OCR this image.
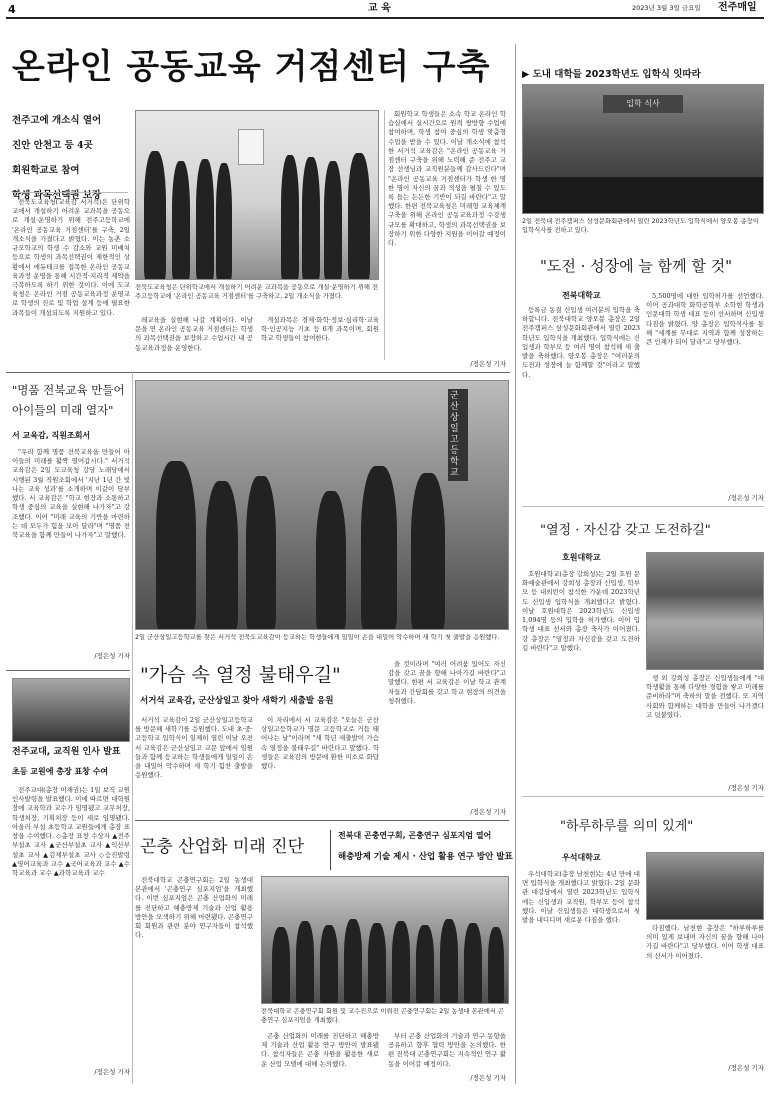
4	교 육	2023년 3월 3일 금요일 전주매일
온라인 공동교육 거점센터 구축
전주고에 개소식 열어
진안 안천고 등 4곳
회원학교로 참여
학생 과목선택권 보장

전북도교육청(교육감 서거석)은 단위학교에서 개설하기 어려운 교과목을 공동으로 개설·운영하기 위해 전주고등학교에 '온라인 공동교육 거점센터'를 구축, 2일 개소식을 가졌다고 밝혔다. 이는 농촌 소규모학교의 학생 수 감소와 교원 미배치 등으로 학생의 과목선택권이 제한적인 상황에서 에듀테크를 접목한 온라인 공동교육과정 운영을 통해 시간적·지리적 제약을 극복하도록 하기 위한 것이다. 이에 도교육청은 온라인 거점 공동교육과정 운영교로 학생의 진로 및 학업 설계 등에 필요한 과목들이 개설되도록 지원하고 있다.

전북도교육청은 단위학교에서 개설하기 어려운 교과목을 공동으로 개설·운영하기 위해 전주고등학교에 '온라인 공동교육 거점센터'를 구축하고, 2일 개소식을 가졌다.

회원학교 학생들은 소속 학교 온라인 학습실에서 실시간으로 원격 쌍방향 수업에 참여하며, 학생 참여 중심의 학생 맞춤형 수업을 받을 수 있다. 이날 개소식에 참석한 서거석 교육감은 "온라인 공동교육 거점센터 구축을 위해 노력해 준 전주고 교장 선생님과 교직원분들께 감사드린다"며 "온라인 공동교육 거점센터가 학생 한 명 한 명이 자신의 꿈과 적성을 펼칠 수 있도록 돕는 든든한 기반이 되길 바란다"고 말했다. 한편 전북교육청은 미래형 교육체계 구축을 위해 온라인 공동교육과정 수강생 규모를 확대하고, 학생의 과목선택권을 보장하기 위한 다양한 지원을 이어갈 예정이다.

레교육을 실현해 나갈 계획이다. 이날 문을 연 온라인 공동교육 거점센터는 학생의 과목선택권을 보장하고 수업시간 내 공동교육과정을 운영한다.

개설과목은 경제·화학·정보·심리학·교육학·인공지능 기초 등 6개 과목이며, 회원학교 학생들이 참여한다.

/정은성 기자
▶ 도내 대학들 2023학년도 입학식 잇따라
입학 식사
2일 전북대 전주캠퍼스 삼성문화회관에서 열린 2023학년도 입학식에서 양오봉 총장이 입학식사를 전하고 있다.
"도전 · 성장에 늘 함께 할 것"
전북대학교

등록금 동결 신입생 여러분의 입학을 축하합니다. 전북대학교 양오봉 총장은 2일 전주캠퍼스 삼성문화회관에서 열린 2023학년도 입학식을 개최했다. 입학식에는 신입생과 학부모 등 여러 명이 참석해 새 출발을 축하했다. 양오봉 총장은 "여러분의 도전과 성장에 늘 함께할 것"이라고 말했다.

5,500명에 대한 입학허가를 선언했다. 이어 공과대학 화학공학부 소학현 학생과 인문대학 학생 대표 등이 선서하며 신입생 다짐을 밝혔다. 양 총장은 입학식사를 통해 "세계를 무대로 지역과 함께 성장하는 큰 인재가 되어 달라"고 당부했다.

/정은성 기자
"열정 · 자신감 갖고 도전하길"
호원대학교

호원대학교(총장 강희성)는 2일 호원 문화예술관에서 강희성 총장과 신입생, 학부모 등 내외빈이 참석한 가운데 2023학년도 신입생 입학식을 개최했다고 밝혔다. 이날 호원대학은 2023학년도 신입생 1,094명 등의 입학을 허가했다. 이어 입학생 대표 선서와 총장 축사가 이어졌다. 강 총장은 "열정과 자신감을 갖고 도전하길 바란다"고 말했다.

생 외 강희성 총장은 신입생들에게 "대학생활을 통해 다양한 경험을 쌓고 미래를 준비하라"며 축하의 말을 전했다. 또 지역사회와 함께하는 대학을 만들어 나가겠다고 덧붙였다.

/정은성 기자
"하루하루를 의미 있게"
우석대학교

우석대학교(총장 남천현)는 4년 만에 대면 입학식을 개최했다고 밝혔다. 2일 문화관 대강당에서 열린 2023학년도 입학식에는 신입생과 교직원, 학부모 등이 참석했다. 이날 신입생들은 대학생으로서 첫 발을 내디디며 새로운 다짐을 했다.

다짐했다. 남천현 총장은 "하루하루를 의미 있게 보내며 자신의 꿈을 향해 나아가길 바란다"고 당부했다. 이어 학생 대표의 선서가 이어졌다.

/정은성 기자
"명품 전북교육 만들어 아이들의 미래 열자"
서 교육감, 직원조회서

"우리 함께 명품 전북교육을 만들어 아이들의 미래를 활짝 열어갑시다." 서거석 교육감은 2일 도교육청 강당 노래당에서 시행된 3월 직원조회에서 '지난 1년 간 빛나는 교육 성과'를 소개하며 이같이 당부했다. 서 교육감은 "학교 현장과 소통하고 학생 중심의 교육을 실현해 나가자"고 강조했다. 이어 "미래 교육의 기반을 마련하는 데 모두가 힘을 모아 달라"며 "명품 전북교육을 함께 만들어 나가자"고 말했다.

/정은성 기자
군산상일고등학교
2일 군산상일고등학교를 찾은 서거석 전북도교육감이 등교하는 학생들에게 일일이 손을 내밀어 악수하며 새 학기 첫 출발을 응원했다.
"가슴 속 열정 불태우길"
서거석 교육감, 군산상일고 찾아 새학기 새출발 응원

서거석 교육감이 2일 군산상일고등학교를 방문해 새학기를 응원했다. 도내 초·중·고등학교 입학식이 일제히 열린 이날 오전 서 교육감은 군산상일고 교문 앞에서 임원들과 함께 등교하는 학생들에게 일일이 손을 내밀어 악수하며 새 학기 힘찬 출발을 응원했다.

이 자리에서 서 교육감은 "오늘은 군산상일고등학교가 명문 고등학교로 거듭 태어나는 날"이라며 "새 학년 새출발이 가슴 속 열정을 불태우길" 바란다고 말했다. 학생들은 교육감의 방문에 환한 미소로 화답했다.

을 것이라며 "여러 어려움 있어도 자신감을 갖고 꿈을 향해 나아가길 바란다"고 말했다. 한편 서 교육감은 이날 학교 관계자들과 간담회를 갖고 학교 현장의 의견을 청취했다.

/정은성 기자
전주교대, 교직원 인사 발표
초등 교원에 총장 표창 수여

전주교대(총장 이재권)는 1일 보직 교원 인사발령을 발표했다. 이에 따르면 대학원장에 교육학과 교수가 임명됐고 교무처장, 학생처장, 기획처장 등이 새로 임명됐다. 아울러 부설 초등학교 교원들에게 총장 표창을 수여했다. ◇총장 표창 수상자 ▲전주부설초 교사 ▲군산부설초 교사 ▲익산부설초 교사 ▲김제부설초 교사 ◇승진발령 ▲영어교육과 교수 ▲국어교육과 교수 ▲수학교육과 교수 ▲과학교육과 교수

/정은성 기자
곤충 산업화 미래 진단
전북대 곤충연구회, 곤충연구 심포지엄 열어
해충방제 기술 제시 · 산업 활용 연구 방안 발표

전북대학교 곤충연구회는 2일 농생대 본관에서 '곤충연구 심포지엄'을 개최했다. 이번 심포지엄은 곤충 산업화의 미래를 진단하고 해충방제 기술과 산업 활용 방안을 모색하기 위해 마련됐다. 곤충연구회 회원과 관련 분야 연구자들이 참석했다.

전북대학교 곤충연구회 회원 및 교수진으로 이뤄진 곤충연구회는 2일 농생대 본관에서 곤충연구 심포지엄을 개최했다.

곤충 산업화의 미래를 진단하고 해충방제 기술과 산업 활용 연구 방안이 발표됐다. 참석자들은 곤충 자원을 활용한 새로운 산업 모델에 대해 논의했다.

부터 곤충 산업화의 기술과 연구 동향을 공유하고 향후 협력 방안을 논의했다. 한편 전북대 곤충연구회는 지속적인 연구 활동을 이어갈 예정이다.

/정은성 기자
